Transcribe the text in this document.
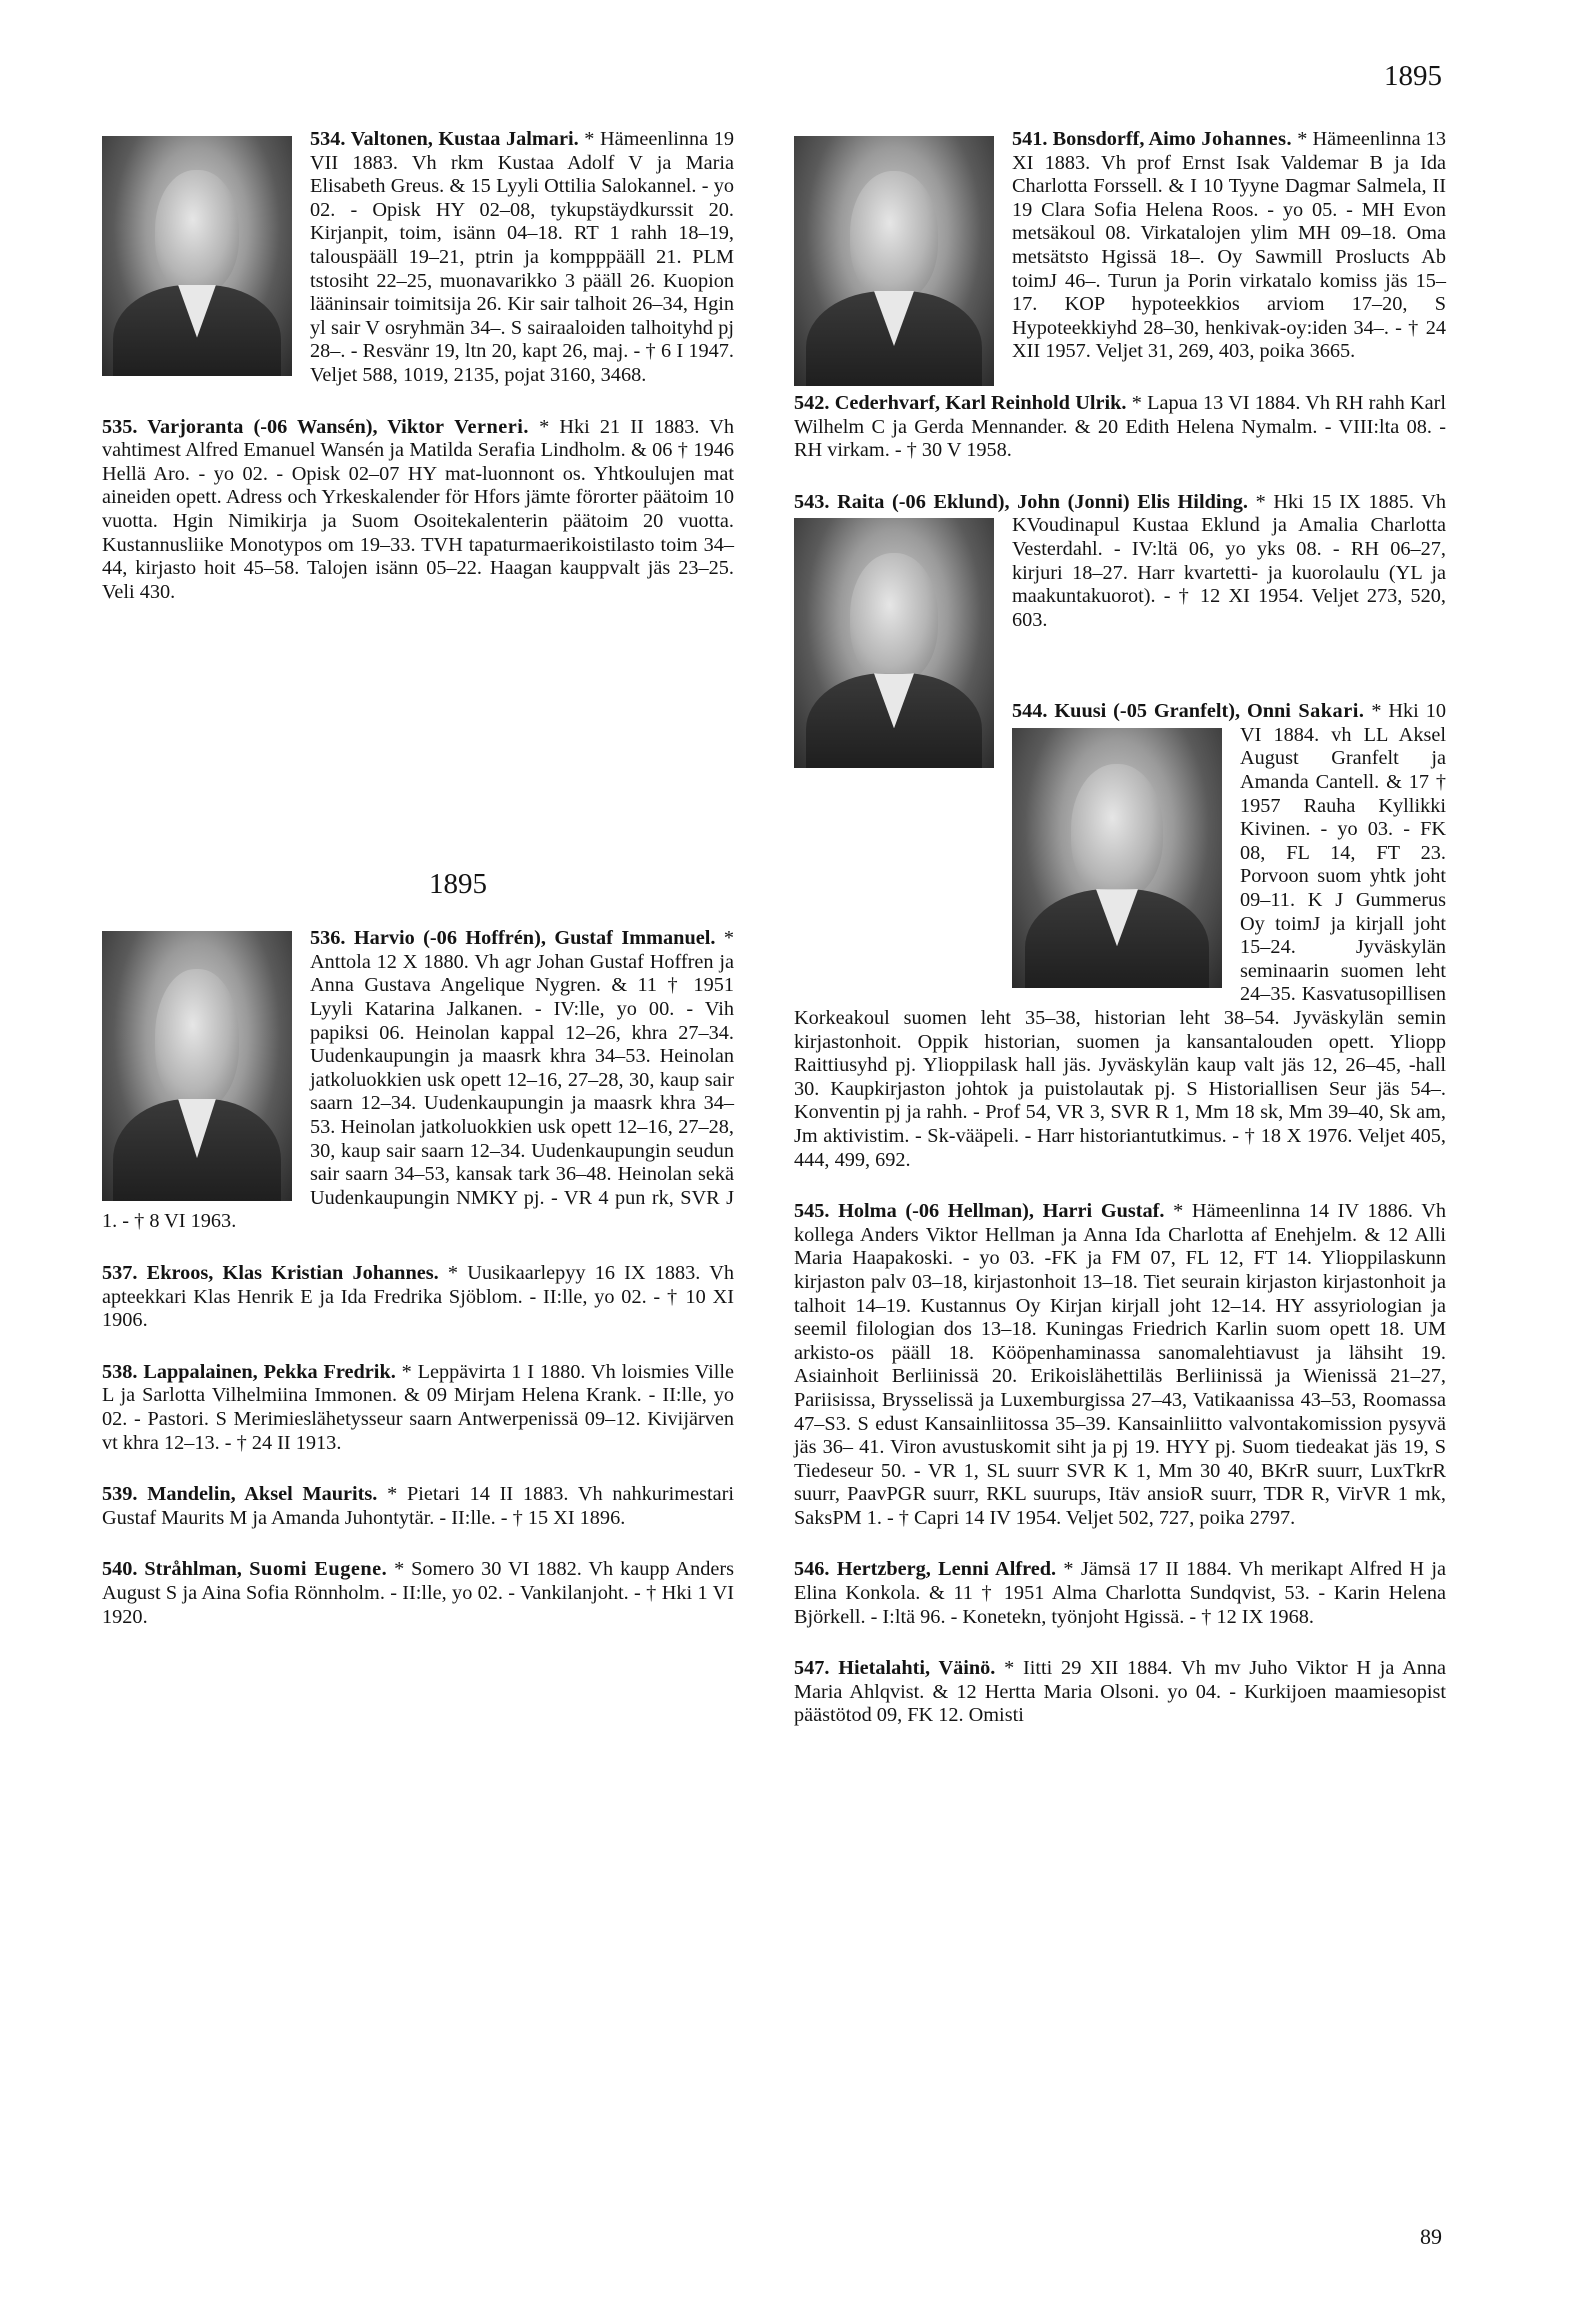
1895

534. Valtonen, Kustaa Jalmari.
* Hämeenlinna 19 VII 1883. Vh rkm Kustaa Adolf V ja Maria Elisabeth Greus. & 15 Lyyli Ottilia Salokannel. - yo 02. - Opisk HY 02–08, tykupstäydkurssit 20. Kirjanpit, toim, isänn 04–18. RT 1 rahh 18–19, talouspääll 19–21, ptrin ja kompppääll 21. PLM tstosiht 22–25, muonavarikko 3 pääll 26. Kuopion lääninsair toimitsija 26. Kir sair talhoit 26–34, Hgin yl sair V osryhmän 34–. S sairaaloiden talhoityhd pj 28–. - Resvänr 19, ltn 20, kapt 26, maj. - † 6 I 1947. Veljet 588, 1019, 2135, pojat 3160, 3468.

535. Varjoranta (-06 Wansén), Viktor Verneri. * Hki 21 II 1883. Vh vahtimest Alfred Emanuel Wansén ja Matilda Serafia Lindholm. & 06 † 1946 Hellä Aro. - yo 02. - Opisk 02–07 HY mat-luonnont os. Yhtkoulujen mat aineiden opett. Adress och Yrkeskalender för Hfors jämte förorter päätoim 10 vuotta. Hgin Nimikirja ja Suom Osoitekalenterin päätoim 20 vuotta. Kustannusliike Monotypos om 19–33. TVH tapaturmaerikoistilasto toim 34–44, kirjasto hoit 45–58. Talojen isänn 05–22. Haagan kauppvalt jäs 23–25. Veli 430.

1895

536. Harvio (-06 Hoffrén), Gustaf Immanuel.
* Anttola 12 X 1880. Vh agr Johan Gustaf Hoffren ja Anna Gustava Angelique Nygren. & 11 † 1951 Lyyli Katarina Jalkanen. - IV:lle, yo 00. - Vih papiksi 06. Heinolan kappal 12–26, khra 27–34. Uudenkaupungin ja maasrk khra 34–53. Heinolan jatkoluokkien usk opett 12–16, 27–28, 30, kaup sair saarn 12–34. Uudenkaupungin ja maasrk khra 34–53. Heinolan jatkoluokkien usk opett 12–16, 27–28, 30, kaup sair saarn 12–34. Uudenkaupungin seudun sair saarn 34–53, kansak tark 36–48. Heinolan sekä Uudenkaupungin NMKY pj. - VR 4 pun rk, SVR J 1. - † 8 VI 1963.

537. Ekroos, Klas Kristian Johannes. * Uusikaarlepyy 16 IX 1883. Vh apteekkari Klas Henrik E ja Ida Fredrika Sjöblom. - II:lle, yo 02. - † 10 XI 1906.

538. Lappalainen, Pekka Fredrik. * Leppävirta 1 I 1880. Vh loismies Ville L ja Sarlotta Vilhelmiina Immonen. & 09 Mirjam Helena Krank. - II:lle, yo 02. - Pastori. S Merimieslähetysseur saarn Antwerpenissä 09–12. Kivijärven vt khra 12–13. - † 24 II 1913.

539. Mandelin, Aksel Maurits. * Pietari 14 II 1883. Vh nahkurimestari Gustaf Maurits M ja Amanda Juhontytär. - II:lle. - † 15 XI 1896.

540. Stråhlman, Suomi Eugene. * Somero 30 VI 1882. Vh kaupp Anders August S ja Aina Sofia Rönnholm. - II:lle, yo 02. - Vankilanjoht. - † Hki 1 VI 1920.

541. Bonsdorff, Aimo Johannes.
* Hämeenlinna 13 XI 1883. Vh prof Ernst Isak Valdemar B ja Ida Charlotta Forssell. & I 10 Tyyne Dagmar Salmela, II 19 Clara Sofia Helena Roos. - yo 05. - MH Evon metsäkoul 08. Virkatalojen ylim MH 09–18. Oma metsätsto Hgissä 18–. Oy Sawmill Proslucts Ab toimJ 46–. Turun ja Porin virkatalo komiss jäs 15–17. KOP hypoteekkios arviom 17–20, S Hypoteekkiyhd 28–30, henkivak-oy:iden 34–. - † 24 XII 1957. Veljet 31, 269, 403, poika 3665.

542. Cederhvarf, Karl Reinhold Ulrik. * Lapua 13 VI 1884. Vh RH rahh Karl Wilhelm C ja Gerda Mennander. & 20 Edith Helena Nymalm. - VIII:lta 08. - RH virkam. - † 30 V 1958.

543. Raita (-06 Eklund), John (Jonni) Elis Hilding.
* Hki 15 IX 1885. Vh KVoudinapul Kustaa Eklund ja Amalia Charlotta Vesterdahl. - IV:ltä 06, yo yks 08. - RH 06–27, kirjuri 18–27. Harr kvartetti- ja kuorolaulu (YL ja maakuntakuorot). - † 12 XI 1954. Veljet 273, 520, 603.

544. Kuusi (-05 Granfelt), Onni Sakari.
* Hki 10 VI 1884. vh LL Aksel August Granfelt ja Amanda Cantell. & 17 † 1957 Rauha Kyllikki Kivinen. - yo 03. - FK 08, FL 14, FT 23. Porvoon suom yhtk joht 09–11. K J Gummerus Oy toimJ ja kirjall joht 15–24. Jyväskylän seminaarin suomen leht 24–35. Kasvatusopillisen Korkeakoul suomen leht 35–38, historian leht 38–54. Jyväskylän semin kirjastonhoit. Oppik historian, suomen ja kansantalouden opett. Yliopp Raittiusyhd pj. Ylioppilask hall jäs. Jyväskylän kaup valt jäs 12, 26–45, -hall 30. Kaupkirjaston johtok ja puistolautak pj. S Historiallisen Seur jäs 54–. Konventin pj ja rahh. - Prof 54, VR 3, SVR R 1, Mm 18 sk, Mm 39–40, Sk am, Jm aktivistim. - Sk-vääpeli. - Harr historiantutkimus. - † 18 X 1976. Veljet 405, 444, 499, 692.

545. Holma (-06 Hellman), Harri Gustaf. * Hämeenlinna 14 IV 1886. Vh kollega Anders Viktor Hellman ja Anna Ida Charlotta af Enehjelm. & 12 Alli Maria Haapakoski. - yo 03. -FK ja FM 07, FL 12, FT 14. Ylioppilaskunn kirjaston palv 03–18, kirjastonhoit 13–18. Tiet seurain kirjaston kirjastonhoit ja talhoit 14–19. Kustannus Oy Kirjan kirjall joht 12–14. HY assyriologian ja seemil filologian dos 13–18. Kuningas Friedrich Karlin suom opett 18. UM arkisto-os pääll 18. Kööpenhaminassa sanomalehtiavust ja lähsiht 19. Asiainhoit Berliinissä 20. Erikoislähettiläs Berliinissä ja Wienissä 21–27, Pariisissa, Brysselissä ja Luxemburgissa 27–43, Vatikaanissa 43–53, Roomassa 47–S3. S edust Kansainliitossa 35–39. Kansainliitto valvontakomission pysyvä jäs 36– 41. Viron avustuskomit siht ja pj 19. HYY pj. Suom tiedeakat jäs 19, S Tiedeseur 50. - VR 1, SL suurr SVR K 1, Mm 30 40, BKrR suurr, LuxTkrR suurr, PaavPGR suurr, RKL suurups, Itäv ansioR suurr, TDR R, VirVR 1 mk, SaksPM 1. - † Capri 14 IV 1954. Veljet 502, 727, poika 2797.

546. Hertzberg, Lenni Alfred. * Jämsä 17 II 1884. Vh merikapt Alfred H ja Elina Konkola. & 11 † 1951 Alma Charlotta Sundqvist, 53. - Karin Helena Björkell. - I:ltä 96. - Konetekn, työnjoht Hgissä. - † 12 IX 1968.

547. Hietalahti, Väinö. * Iitti 29 XII 1884. Vh mv Juho Viktor H ja Anna Maria Ahlqvist. & 12 Hertta Maria Olsoni. yo 04. - Kurkijoen maamiesopist päästötod 09, FK 12. Omisti

89
